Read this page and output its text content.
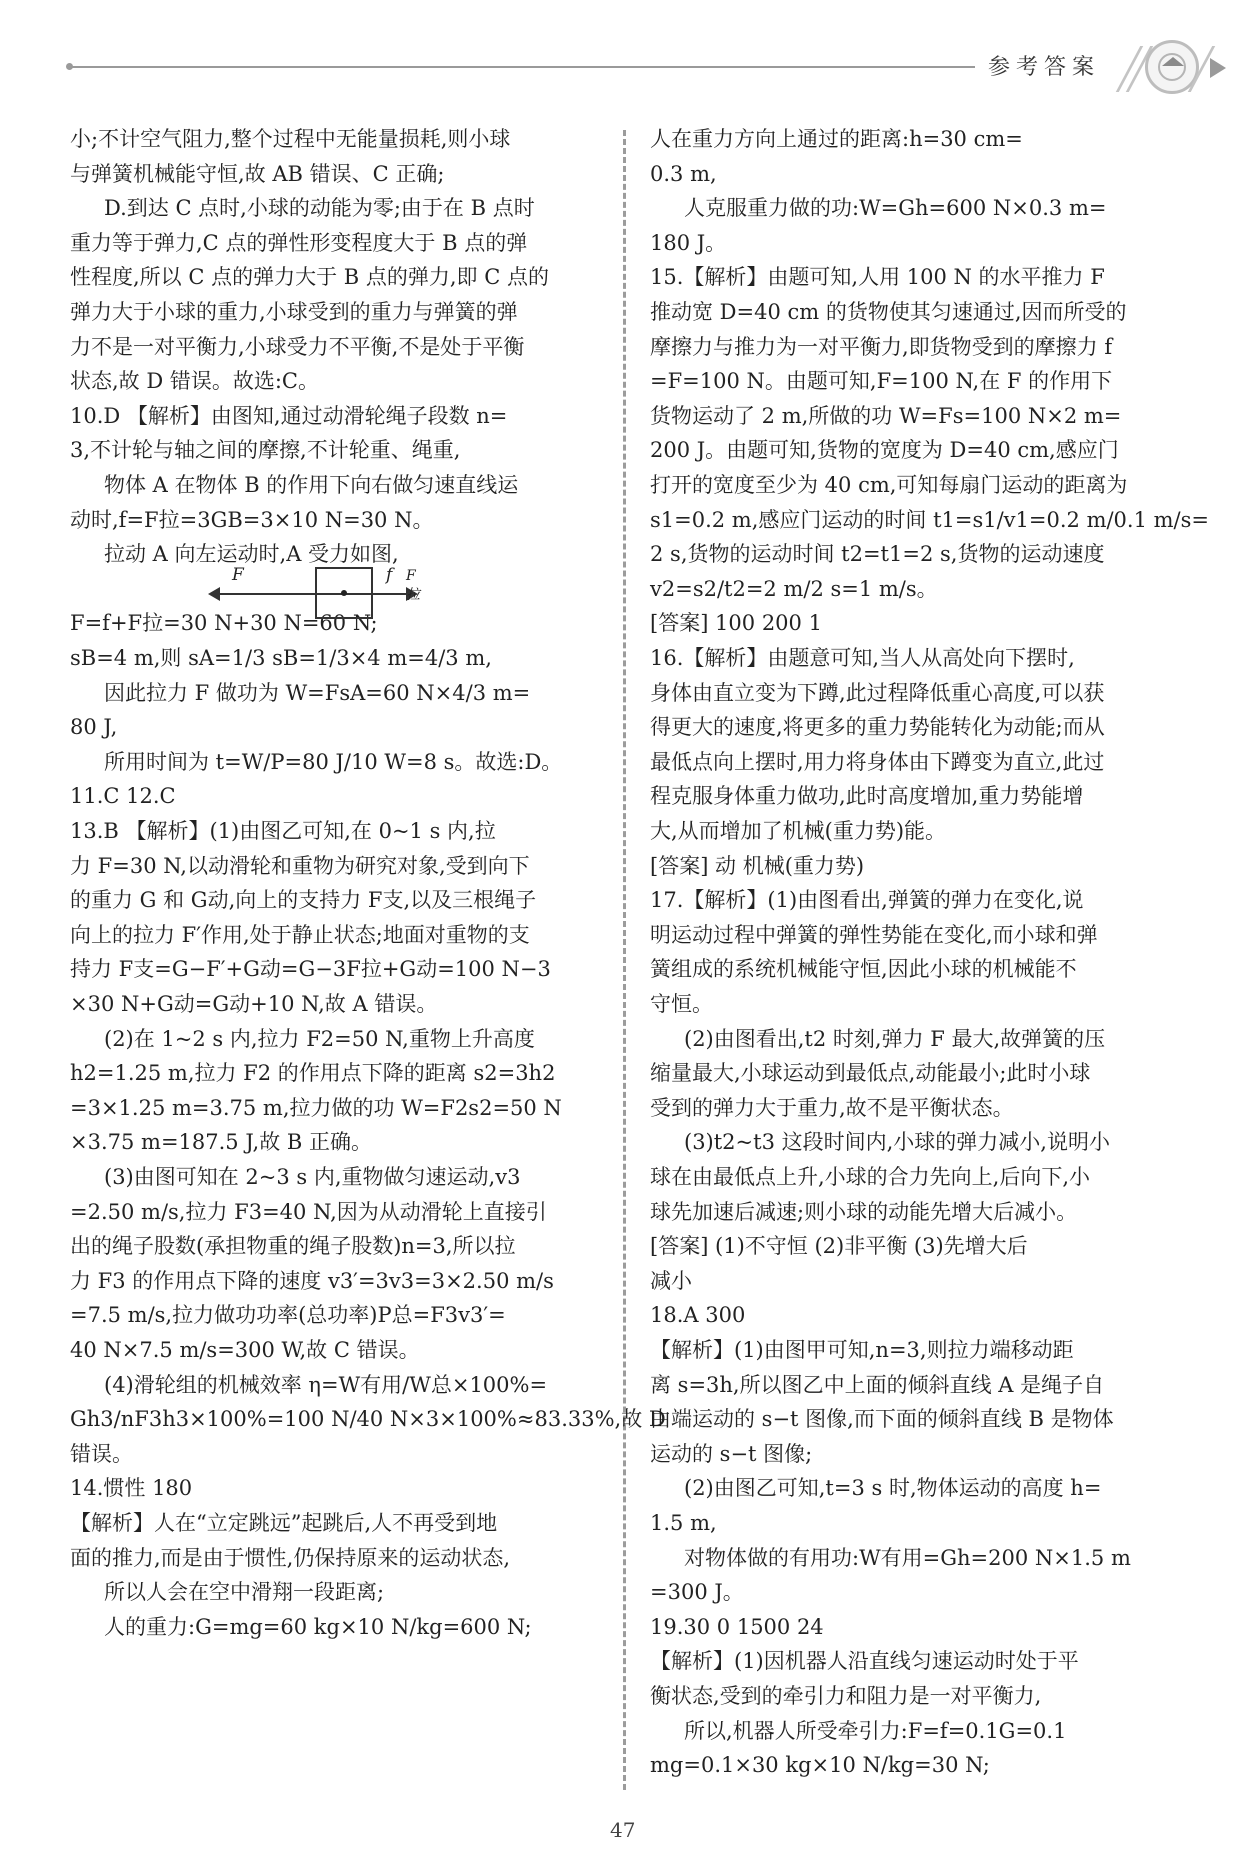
参考答案
小;不计空气阻力,整个过程中无能量损耗,则小球
与弹簧机械能守恒,故 AB 错误、C 正确;
D.到达 C 点时,小球的动能为零;由于在 B 点时
重力等于弹力,C 点的弹性形变程度大于 B 点的弹
性程度,所以 C 点的弹力大于 B 点的弹力,即 C 点的
弹力大于小球的重力,小球受到的重力与弹簧的弹
力不是一对平衡力,小球受力不平衡,不是处于平衡
状态,故 D 错误。故选:C。
10.D 【解析】由图知,通过动滑轮绳子段数 n=
3,不计轮与轴之间的摩擦,不计轮重、绳重,
物体 A 在物体 B 的作用下向右做匀速直线运
动时,f=F拉=3GB=3×10 N=30 N。
拉动 A 向左运动时,A 受力如图,
F=f+F拉=30 N+30 N=60 N;
sB=4 m,则 sA=1/3 sB=1/3×4 m=4/3 m,
因此拉力 F 做功为 W=FsA=60 N×4/3 m=
80 J,
所用时间为 t=W/P=80 J/10 W=8 s。故选:D。
11.C 12.C
13.B 【解析】(1)由图乙可知,在 0~1 s 内,拉
力 F=30 N,以动滑轮和重物为研究对象,受到向下
的重力 G 和 G动,向上的支持力 F支,以及三根绳子
向上的拉力 F′作用,处于静止状态;地面对重物的支
持力 F支=G−F′+G动=G−3F拉+G动=100 N−3
×30 N+G动=G动+10 N,故 A 错误。
(2)在 1~2 s 内,拉力 F2=50 N,重物上升高度
h2=1.25 m,拉力 F2 的作用点下降的距离 s2=3h2
=3×1.25 m=3.75 m,拉力做的功 W=F2s2=50 N
×3.75 m=187.5 J,故 B 正确。
(3)由图可知在 2~3 s 内,重物做匀速运动,v3
=2.50 m/s,拉力 F3=40 N,因为从动滑轮上直接引
出的绳子股数(承担物重的绳子股数)n=3,所以拉
力 F3 的作用点下降的速度 v3′=3v3=3×2.50 m/s
=7.5 m/s,拉力做功功率(总功率)P总=F3v3′=
40 N×7.5 m/s=300 W,故 C 错误。
(4)滑轮组的机械效率 η=W有用/W总×100%=
Gh3/nF3h3×100%=100 N/40 N×3×100%≈83.33%,故 D
错误。
14.惯性 180
【解析】人在“立定跳远”起跳后,人不再受到地
面的推力,而是由于惯性,仍保持原来的运动状态,
所以人会在空中滑翔一段距离;
人的重力:G=mg=60 kg×10 N/kg=600 N;
人在重力方向上通过的距离:h=30 cm=
0.3 m,
人克服重力做的功:W=Gh=600 N×0.3 m=
180 J。
15.【解析】由题可知,人用 100 N 的水平推力 F
推动宽 D=40 cm 的货物使其匀速通过,因而所受的
摩擦力与推力为一对平衡力,即货物受到的摩擦力 f
=F=100 N。由题可知,F=100 N,在 F 的作用下
货物运动了 2 m,所做的功 W=Fs=100 N×2 m=
200 J。由题可知,货物的宽度为 D=40 cm,感应门
打开的宽度至少为 40 cm,可知每扇门运动的距离为
s1=0.2 m,感应门运动的时间 t1=s1/v1=0.2 m/0.1 m/s=
2 s,货物的运动时间 t2=t1=2 s,货物的运动速度
v2=s2/t2=2 m/2 s=1 m/s。
[答案] 100 200 1
16.【解析】由题意可知,当人从高处向下摆时,
身体由直立变为下蹲,此过程降低重心高度,可以获
得更大的速度,将更多的重力势能转化为动能;而从
最低点向上摆时,用力将身体由下蹲变为直立,此过
程克服身体重力做功,此时高度增加,重力势能增
大,从而增加了机械(重力势)能。
[答案] 动 机械(重力势)
17.【解析】(1)由图看出,弹簧的弹力在变化,说
明运动过程中弹簧的弹性势能在变化,而小球和弹
簧组成的系统机械能守恒,因此小球的机械能不
守恒。
(2)由图看出,t2 时刻,弹力 F 最大,故弹簧的压
缩量最大,小球运动到最低点,动能最小;此时小球
受到的弹力大于重力,故不是平衡状态。
(3)t2~t3 这段时间内,小球的弹力减小,说明小
球在由最低点上升,小球的合力先向上,后向下,小
球先加速后减速;则小球的动能先增大后减小。
[答案] (1)不守恒 (2)非平衡 (3)先增大后
减小
18.A 300
【解析】(1)由图甲可知,n=3,则拉力端移动距
离 s=3h,所以图乙中上面的倾斜直线 A 是绳子自
由端运动的 s−t 图像,而下面的倾斜直线 B 是物体
运动的 s−t 图像;
(2)由图乙可知,t=3 s 时,物体运动的高度 h=
1.5 m,
对物体做的有用功:W有用=Gh=200 N×1.5 m
=300 J。
19.30 0 1500 24
【解析】(1)因机器人沿直线匀速运动时处于平
衡状态,受到的牵引力和阻力是一对平衡力,
所以,机器人所受牵引力:F=f=0.1G=0.1
mg=0.1×30 kg×10 N/kg=30 N;
F	f F拉
47
